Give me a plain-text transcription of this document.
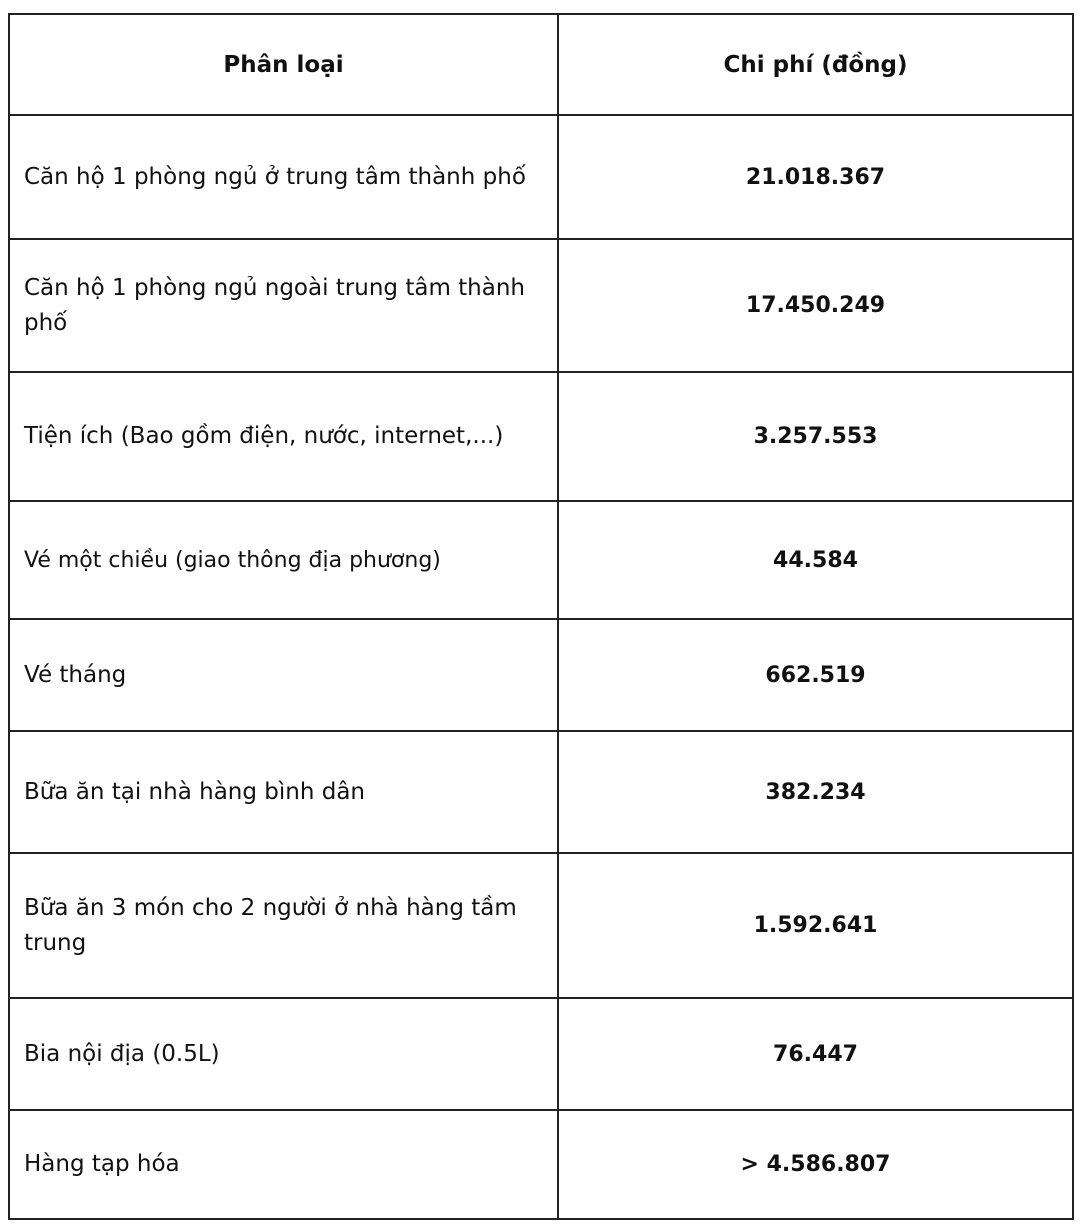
Phân loại	Chi phí (đồng)
Căn hộ 1 phòng ngủ ở trung tâm thành phố	21.018.367
Căn hộ 1 phòng ngủ ngoài trung tâm thành phố	17.450.249
Tiện ích (Bao gồm điện, nước, internet,...)	3.257.553
Vé một chiều (giao thông địa phương)	44.584
Vé tháng	662.519
Bữa ăn tại nhà hàng bình dân	382.234
Bữa ăn 3 món cho 2 người ở nhà hàng tầm trung	1.592.641
Bia nội địa (0.5L)	76.447
Hàng tạp hóa	> 4.586.807
